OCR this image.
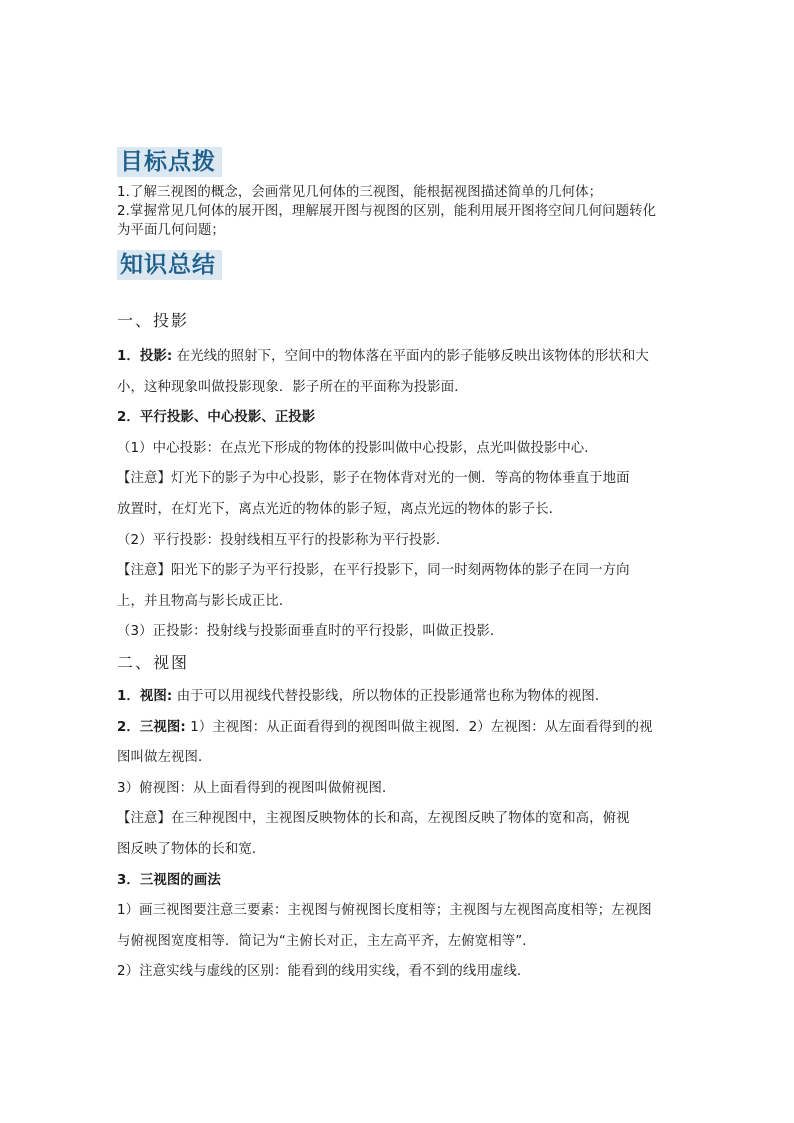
目标点拨
1.了解三视图的概念，会画常见几何体的三视图，能根据视图描述简单的几何体；
2.掌握常见几何体的展开图，理解展开图与视图的区别，能利用展开图将空间几何问题转化
为平面几何问题；
知识总结
一、投影
1．投影: 在光线的照射下，空间中的物体落在平面内的影子能够反映出该物体的形状和大
小，这种现象叫做投影现象．影子所在的平面称为投影面．
2．平行投影、中心投影、正投影
（1）中心投影：在点光下形成的物体的投影叫做中心投影，点光叫做投影中心．
【注意】灯光下的影子为中心投影，影子在物体背对光的一侧．等高的物体垂直于地面
放置时，在灯光下，离点光近的物体的影子短，离点光远的物体的影子长．
（2）平行投影：投射线相互平行的投影称为平行投影．
【注意】阳光下的影子为平行投影，在平行投影下，同一时刻两物体的影子在同一方向
上，并且物高与影长成正比．
（3）正投影：投射线与投影面垂直时的平行投影，叫做正投影．
二、视图
1．视图: 由于可以用视线代替投影线，所以物体的正投影通常也称为物体的视图．
2．三视图: 1）主视图：从正面看得到的视图叫做主视图．2）左视图：从左面看得到的视
图叫做左视图．
3）俯视图：从上面看得到的视图叫做俯视图．
【注意】在三种视图中，主视图反映物体的长和高，左视图反映了物体的宽和高，俯视
图反映了物体的长和宽．
3．三视图的画法
1）画三视图要注意三要素：主视图与俯视图长度相等；主视图与左视图高度相等；左视图
与俯视图宽度相等．简记为“主俯长对正，主左高平齐，左俯宽相等”．
2）注意实线与虚线的区别：能看到的线用实线，看不到的线用虚线．
